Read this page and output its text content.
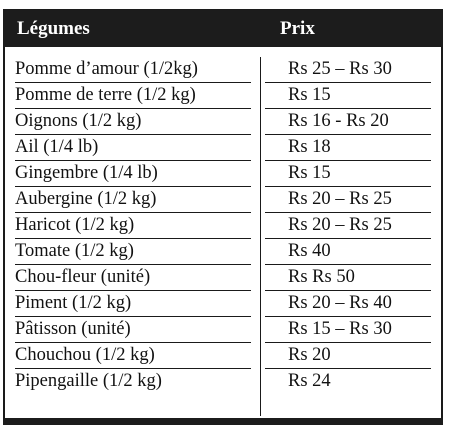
Légumes	Prix
Pomme d’amour (1/2kg)	Rs 25 – Rs 30
Pomme de terre (1/2 kg)	Rs 15
Oignons (1/2 kg)	Rs 16 - Rs 20
Ail (1/4 lb)	Rs 18
Gingembre (1/4 lb)	Rs 15
Aubergine (1/2 kg)	Rs 20 – Rs 25
Haricot (1/2 kg)	Rs 20 – Rs 25
Tomate (1/2 kg)	Rs 40
Chou-fleur (unité)	Rs Rs 50
Piment (1/2 kg)	Rs 20 – Rs 40
Pâtisson (unité)	Rs 15 – Rs 30
Chouchou (1/2 kg)	Rs 20
Pipengaille (1/2 kg)	Rs 24
